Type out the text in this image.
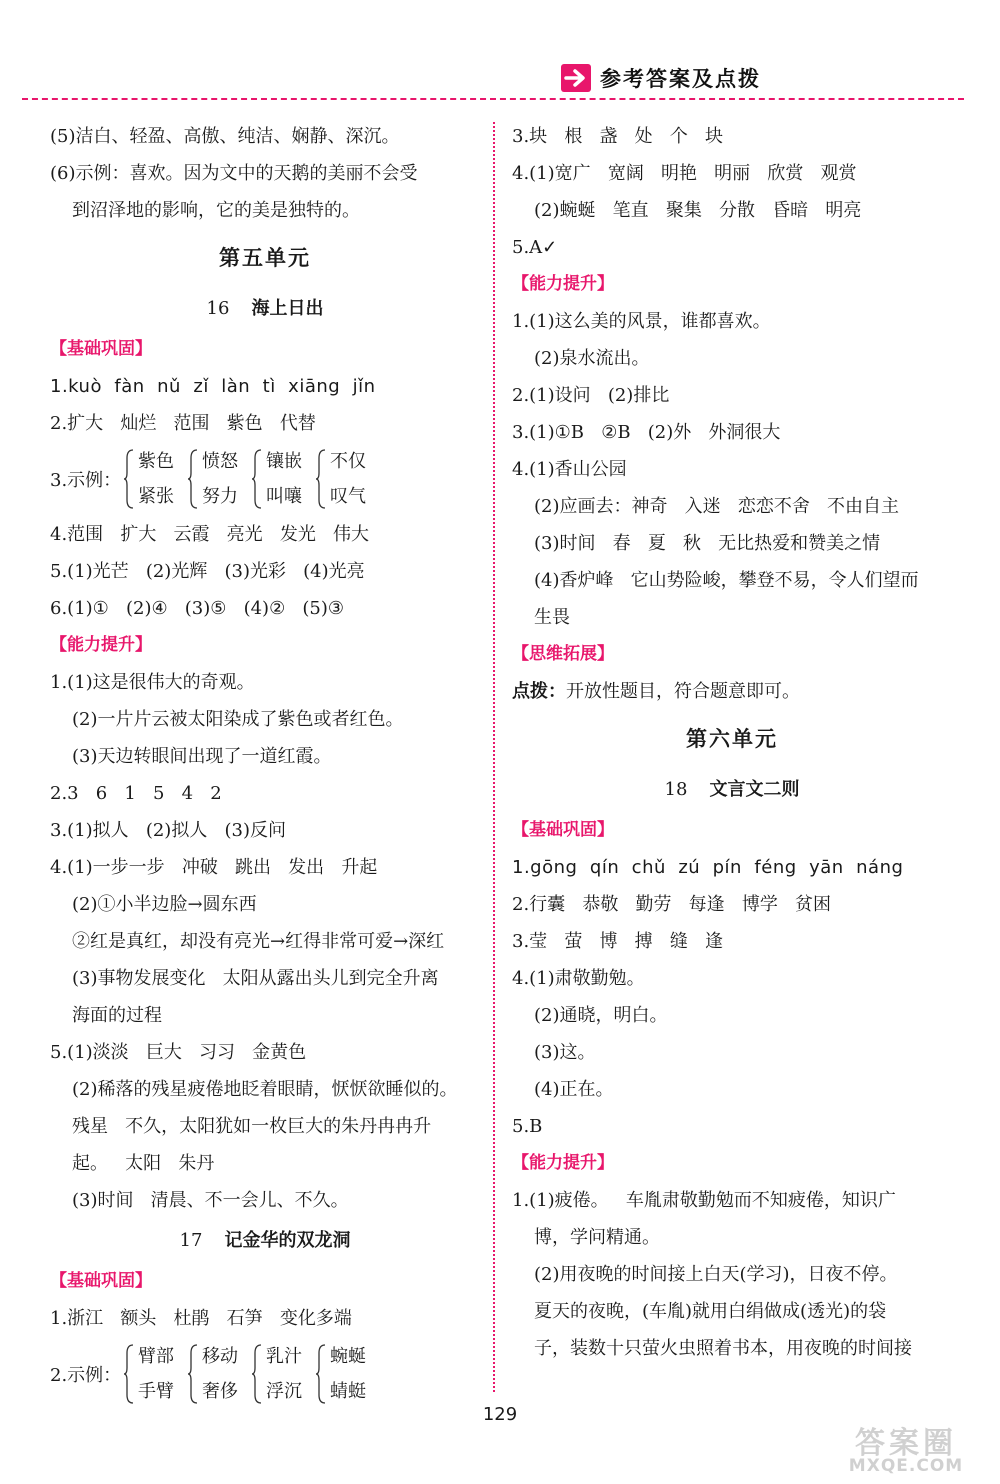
参考答案及点拨
(5)洁白、轻盈、高傲、纯洁、娴静、深沉。
(6)示例：喜欢。因为文中的天鹅的美丽不会受
到沼泽地的影响，它的美是独特的。
第五单元
16 海上日出
【基础巩固】
1.kuò  fàn  nǔ  zǐ  làn  tì  xiāng  jǐn
2.扩大   灿烂   范围   紫色   代替
3.示例：
紫色
紧张
愤怒
努力
镶嵌
叫嚷
不仅
叹气
4.范围   扩大   云霞   亮光   发光   伟大
5.(1)光芒   (2)光辉   (3)光彩   (4)光亮
6.(1)①   (2)④   (3)⑤   (4)②   (5)③
【能力提升】
1.(1)这是很伟大的奇观。
(2)一片片云被太阳染成了紫色或者红色。
(3)天边转眼间出现了一道红霞。
2.3   6   1   5   4   2
3.(1)拟人   (2)拟人   (3)反问
4.(1)一步一步   冲破   跳出   发出   升起
(2)①小半边脸→圆东西
②红是真红，却没有亮光→红得非常可爱→深红
(3)事物发展变化   太阳从露出头儿到完全升离
海面的过程
5.(1)淡淡   巨大   习习   金黄色
(2)稀落的残星疲倦地眨着眼睛，恹恹欲睡似的。
残星   不久，太阳犹如一枚巨大的朱丹冉冉升
起。   太阳   朱丹
(3)时间   清晨、不一会儿、不久。
17 记金华的双龙洞
【基础巩固】
1.浙江   额头   杜鹃   石笋   变化多端
2.示例：
臂部
手臂
移动
奢侈
乳汁
浮沉
蜿蜒
蜻蜓
3.块   根   盏   处   个   块
4.(1)宽广   宽阔   明艳   明丽   欣赏   观赏
(2)蜿蜒   笔直   聚集   分散   昏暗   明亮
5.A✓
【能力提升】
1.(1)这么美的风景，谁都喜欢。
(2)泉水流出。
2.(1)设问   (2)排比
3.(1)①B   ②B   (2)外   外洞很大
4.(1)香山公园
(2)应画去：神奇   入迷   恋恋不舍   不由自主
(3)时间   春   夏   秋   无比热爱和赞美之情
(4)香炉峰   它山势险峻，攀登不易，令人们望而
生畏
【思维拓展】
点拨：开放性题目，符合题意即可。
第六单元
18 文言文二则
【基础巩固】
1.gōng  qín  chǔ  zú  pín  féng  yān  náng
2.行囊   恭敬   勤劳   每逢   博学   贫困
3.莹   萤   博   搏   缝   逢
4.(1)肃敬勤勉。
(2)通晓，明白。
(3)这。
(4)正在。
5.B
【能力提升】
1.(1)疲倦。   车胤肃敬勤勉而不知疲倦，知识广
博，学问精通。
(2)用夜晚的时间接上白天(学习)，日夜不停。
夏天的夜晚，(车胤)就用白绢做成(透光)的袋
子，装数十只萤火虫照着书本，用夜晚的时间接
129
答案圈
MXQE.COM
